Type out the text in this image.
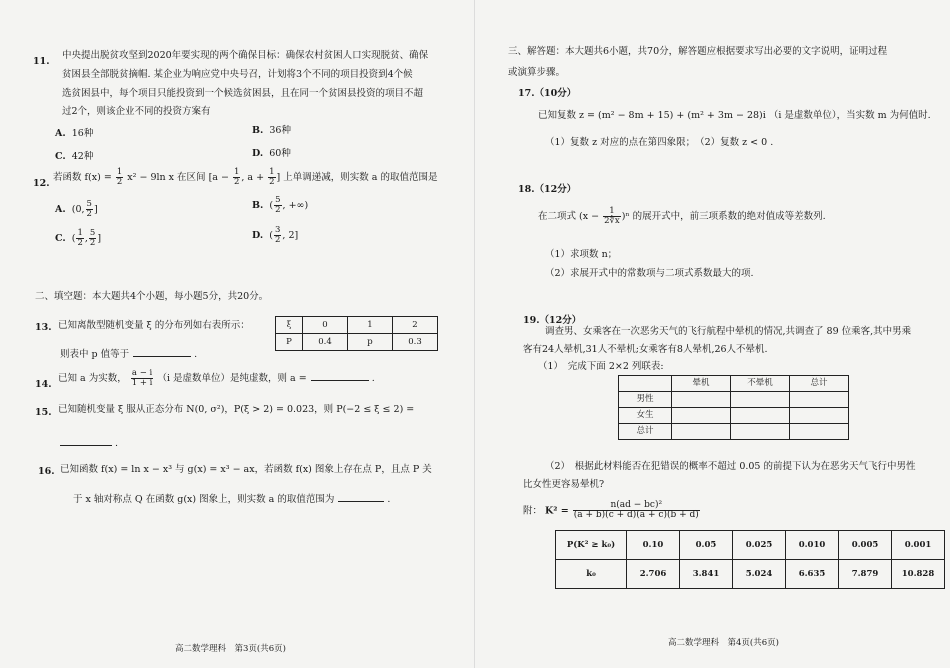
11.
中央提出脱贫攻坚到2020年要实现的两个确保目标：确保农村贫困人口实现脱贫、确保
贫困县全部脱贫摘帽. 某企业为响应党中央号召，计划将3个不同的项目投资到4个候
选贫困县中，每个项目只能投资到一个候选贫困县，且在同一个贫困县投资的项目不超
过2个，则该企业不同的投资方案有
A. 16种	B. 36种
C. 42种	D. 60种
12.
若函数 $f(x) = \frac{1}{2} x^2 - 9\ln$ x 在区间 [$a - \frac{1}{2}$ , $a + \frac{1}{2}$ ] 上单调递减，则实数 a 的取值范围是
A. (0, $\frac{5}{2}$ ]	B. ( $\frac{5}{2}$ , +∞)
C. ( $\frac{1}{2}$ , $\frac{5}{2}$ ]	D. ( $\frac{3}{2}$ , 2]
二、填空题：本大题共4个小题，每小题5分，共20分。
13. 已知离散型随机变量 ξ 的分布列如右表所示：	ξ	0	1	2
P	0.4	p	0.3
则表中 p 值等于	.
14.
已知 a 为实数， $\frac{a - i}{1 + i} (i$ 是虚数单位）是纯虚数，则 a =	.
15. 已知随机变量 ξ 服从正态分布 N(0, σ²)，P(ξ > 2) = 0.023，则 P(−2 ≤ ξ ≤ 2) =
.
16. 已知函数 f(x) = ln x − x³ 与 g(x) = x³ − ax，若函数 f(x) 图象上存在点 P，且点 P 关
于 x 轴对称点 Q 在函数 g(x) 图象上，则实数 a 的取值范围为	.
高二数学理科　第3页(共6页)
三、解答题：本大题共6小题，共70分，解答题应根据要求写出必要的文字说明，证明过程
或演算步骤。
17.（10分）
已知复数 z = (m² − 8m + 15) + (m² + 3m − 28)i （i 是虚数单位），当实数 m 为何值时.
（1）复数 z 对应的点在第四象限；　（2）复数 z < 0 .
18.（12分）
在二项式 $(x - \frac{1}{2∜x} )^n$ 的展开式中，前三项系数的绝对值成等差数列.
（1）求项数 n；
（2）求展开式中的常数项与二项式系数最大的项.
19.（12分）
调查男、女乘客在一次恶劣天气的飞行航程中晕机的情况,共调查了 89 位乘客,其中男乘
客有24人晕机,31人不晕机;女乘客有8人晕机,26人不晕机.
（1）　完成下面 2×2 列联表:
	晕机	不晕机	总计
男性			
女生			
总计			
（2）　根据此材料能否在犯错误的概率不超过 0.05 的前提下认为在恶劣天气飞行中男性
比女性更容易晕机?
附： $K^2 = \frac{\text{n(ad − bc)²}}{(a + b)(c + d)(a + c)(b + d)}$
P(K² ≥ k₀)	0.10	0.05	0.025	0.010	0.005	0.001
k₀	2.706	3.841	5.024	6.635	7.879	10.828
高二数学理科　第4页(共6页)
